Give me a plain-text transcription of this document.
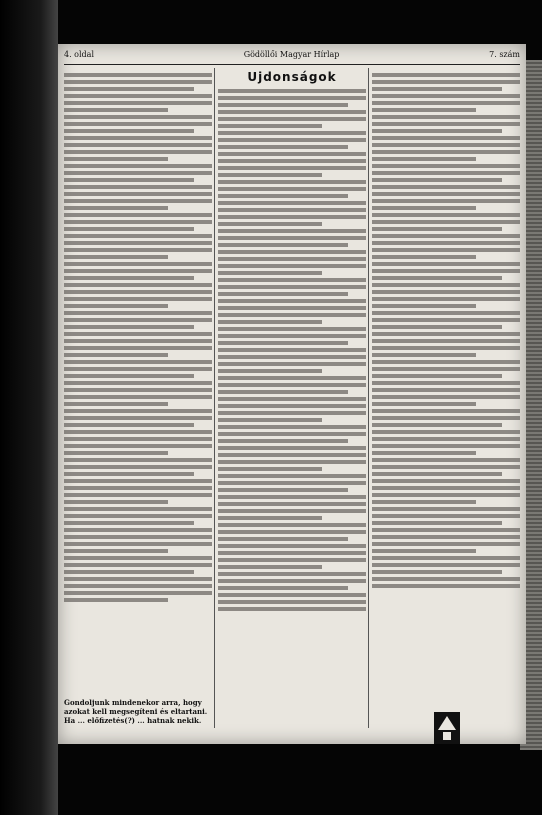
4. oldal	Gödöllői Magyar Hírlap	7. szám
Gondoljunk mindenekor arra, hogy azokat kell megsegíteni és eltartani. Ha ... előfizetés(?) ... hatnak nekik.
Ujdonságok
